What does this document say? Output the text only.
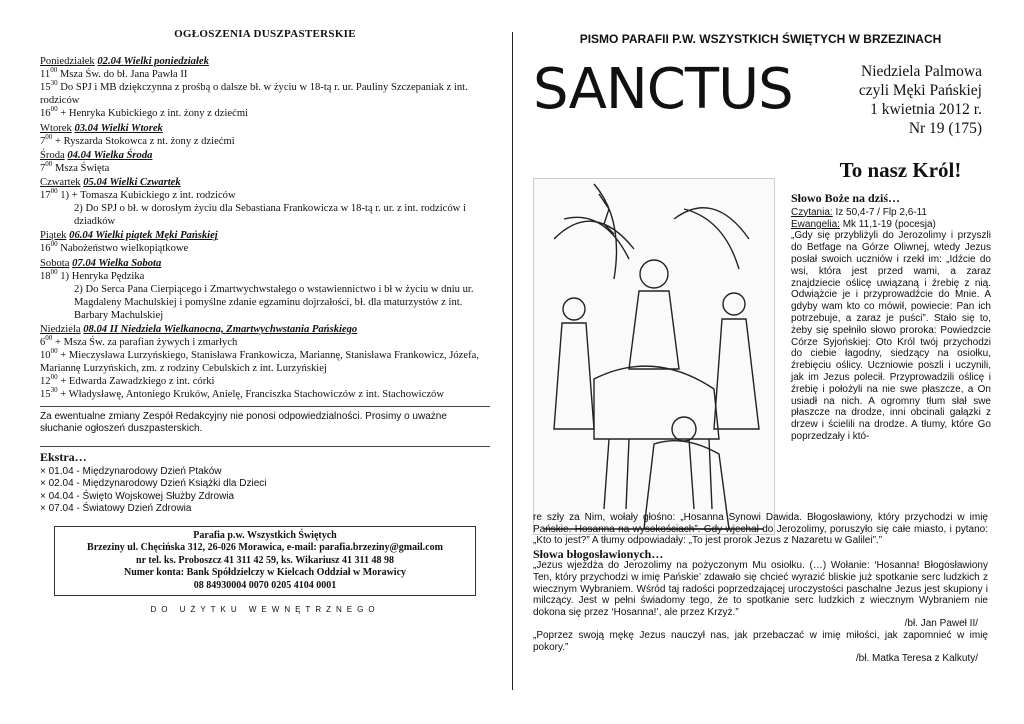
OGŁOSZENIA DUSZPASTERSKIE
Poniedziałek 02.04 Wielki poniedziałek
$11^{00}$ Msza Św. do bł. Jana Pawła II
$15^{30}$ Do SPJ i MB dziękczynna z prośbą o dalsze bł. w życiu w 18-tą r. ur. Pauliny Szczepaniak z int. rodziców
$16^{00}$ + Henryka Kubickiego z int. żony z dziećmi
Wtorek 03.04 Wielki Wtorek
$7^{00}$ + Ryszarda Stokowca z nt. żony z dziećmi
Środa 04.04 Wielka Środa
$7^{00}$ Msza Święta
Czwartek 05.04 Wielki Czwartek
$17^{00}$ 1) + Tomasza Kubickiego z int. rodziców
2) Do SPJ o bł. w dorosłym życiu dla Sebastiana Frankowicza w 18-tą r. ur. z int. rodziców i dziadków
Piątek 06.04 Wielki piątek Męki Pańskiej
$16^{00}$ Nabożeństwo wielkopiątkowe
Sobota 07.04 Wielka Sobota
$18^{00}$ 1) Henryka Pędzika
2) Do Serca Pana Cierpiącego i Zmartwychwstałego o wstawiennictwo i bł w życiu w dniu ur. Magdaleny Machulskiej i pomyślne zdanie egzaminu dojrzałości, bł. dla maturzystów z int. Barbary Machulskiej
Niedziela 08.04 II Niedziela Wielkanocna, Zmartwychwstania Pańskiego
$6^{00}$ + Msza Św. za parafian żywych i zmarłych
$10^{00}$ + Mieczysława Lurzyńskiego, Stanisława Frankowicza, Mariannę, Stanisława Frankowicz, Józefa, Mariannę Lurzyńskich, zm. z rodziny Cebulskich z int. Lurzyńskiej
$12^{00}$ + Edwarda Zawadzkiego z int. córki
$15^{30}$ + Władysławę, Antoniego Kruków, Anielę, Franciszka Stachowiczów z int. Stachowiczów
Za ewentualne zmiany Zespół Redakcyjny nie ponosi odpowiedzialności. Prosimy o uważne słuchanie ogłoszeń duszpasterskich.
Ekstra…
× 01.04 - Międzynarodowy Dzień Ptaków
× 02.04 - Międzynarodowy Dzień Książki dla Dzieci
× 04.04 - Święto Wojskowej Służby Zdrowia
× 07.04 - Światowy Dzień Zdrowia
Parafia p.w. Wszystkich Świętych
Brzeziny ul. Chęcińska 312, 26-026 Morawica, e-mail: parafia.brzeziny@gmail.com
nr tel. ks. Proboszcz 41 311 42 59, ks. Wikariusz 41 311 48 98
Numer konta: Bank Spółdzielczy w Kielcach Oddział w Morawicy
08 84930004 0070 0205 4104 0001
DO UŻYTKU WEWNĘTRZNEGO
PISMO PARAFII P.W. WSZYSTKICH ŚWIĘTYCH W BRZEZINACH
SANCTUS	Niedziela Palmowa
czyli Męki Pańskiej
1 kwietnia 2012 r.
Nr 19 (175)
To nasz Król!
Słowo Boże na dziś…
Czytania: Iz 50,4-7 / Flp 2,6-11
Ewangelia: Mk 11,1-19 (pocesja)
„Gdy się przybliżyli do Jerozolimy i przyszli do Betfage na Górze Oliwnej, wtedy Jezus posłał swoich uczniów i rzekł im: „Idźcie do wsi, która jest przed wami, a zaraz znajdziecie oślicę uwiązaną i źrebię z nią. Odwiążcie je i przyprowadźcie do Mnie. A gdyby wam kto co mówił, powiecie: Pan ich potrzebuje, a zaraz je puści”. Stało się to, żeby się spełniło słowo proroka: Powiedzcie Córze Syjońskiej: Oto Król twój przychodzi do ciebie łagodny, siedzący na osiołku, źrebięciu oślicy. Uczniowie poszli i uczynili, jak im Jezus polecił. Przyprowadzili oślicę i źrebię i położyli na nie swe płaszcze, a On usiadł na nich. A ogromny tłum słał swe płaszcze na drodze, inni obcinali gałązki z drzew i ścielili na drodze. A tłumy, które Go poprzedzały i któ-
re szły za Nim, wołały głośno: „Hosanna Synowi Dawida. Błogosławiony, który przychodzi w imię Pańskie. Hosanna na wysokościach”. Gdy wjechał do Jerozolimy, poruszyło się całe miasto, i pytano: „Kto to jest?” A tłumy odpowiadały: „To jest prorok Jezus z Nazaretu w Galilei”.”
Słowa błogosławionych…
„Jezus wjeżdża do Jerozolimy na pożyczonym Mu osiołku. (…) Wołanie: ‘Hosanna! Błogosławiony Ten, który przychodzi w imię Pańskie’ zdawało się chcieć wyrazić bliskie już spotkanie serc ludzkich z wiecznym Wybraniem. Wśród taj radości poprzedzającej uroczystości paschalne Jezus jest skupiony i milczący. Jest w pełni świadomy tego, że to spotkanie serc ludzkich z wiecznym Wybraniem nie dokona się przez ‘Hosanna!’, ale przez Krzyż.”
/bł. Jan Paweł II/
„Poprzez swoją mękę Jezus nauczył nas, jak przebaczać w imię miłości, jak zapomnieć w imię pokory.”
/bł. Matka Teresa z Kalkuty/
